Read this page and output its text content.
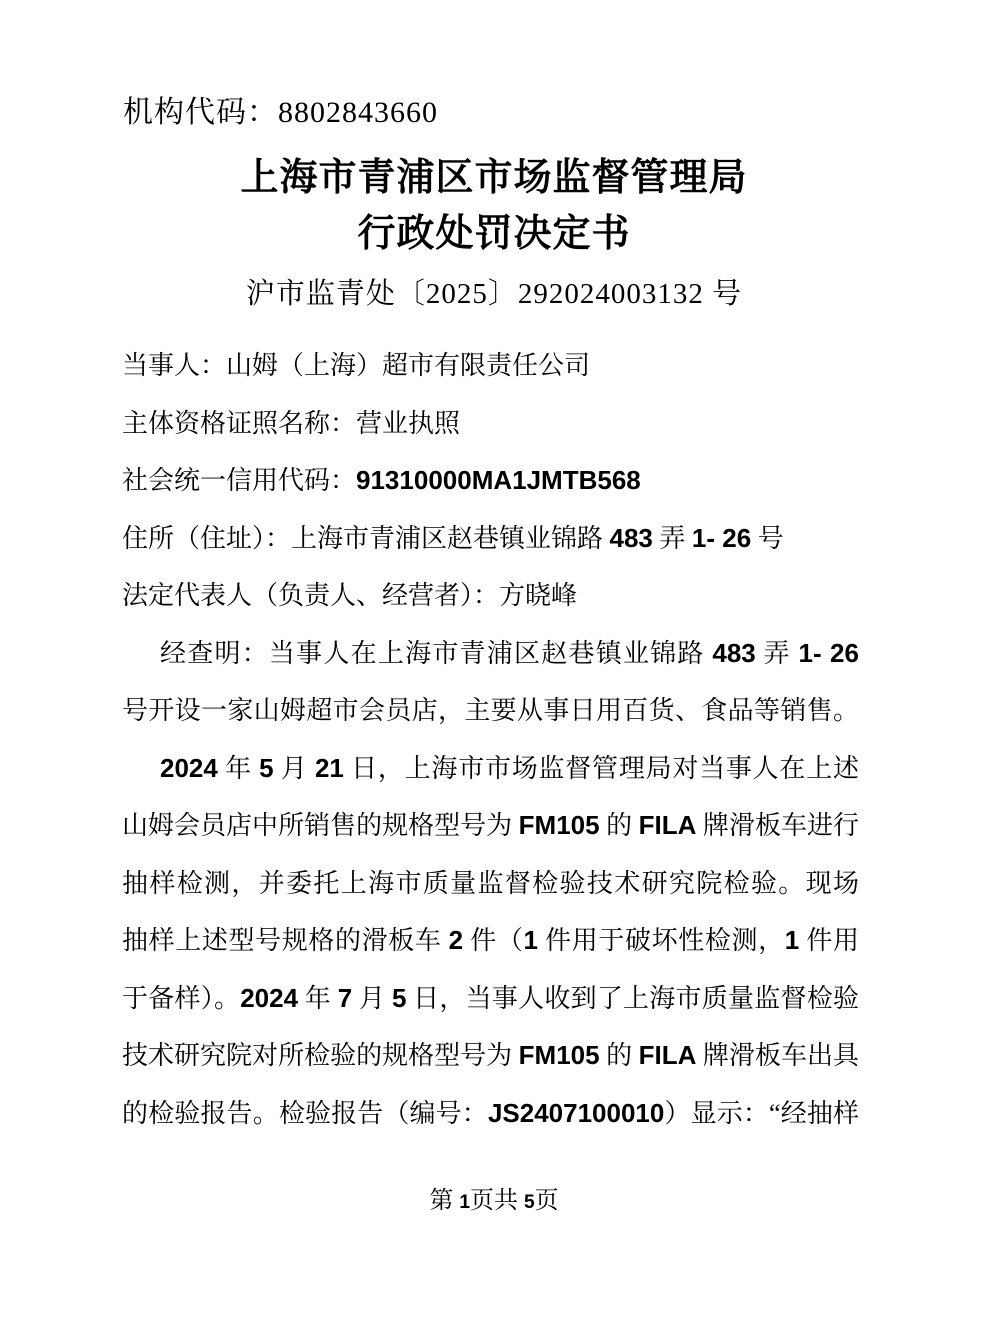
机构代码：8802843660
上海市青浦区市场监督管理局
行政处罚决定书
沪市监青处〔2025〕292024003132 号
当事人：山姆（上海）超市有限责任公司
主体资格证照名称：营业执照
社会统一信用代码：91310000MA1JMTB568
住所（住址）：上海市青浦区赵巷镇业锦路 483 弄 1- 26 号
法定代表人（负责人、经营者）：方晓峰
经查明：当事人在上海市青浦区赵巷镇业锦路 483 弄 1- 26
号开设一家山姆超市会员店，主要从事日用百货、食品等销售。
2024 年 5 月 21 日，上海市市场监督管理局对当事人在上述
山姆会员店中所销售的规格型号为 FM105 的 FILA 牌滑板车进行
抽样检测，并委托上海市质量监督检验技术研究院检验。现场
抽样上述型号规格的滑板车 2 件（1 件用于破坏性检测，1 件用
于备样）。2024 年 7 月 5 日，当事人收到了上海市质量监督检验
技术研究院对所检验的规格型号为 FM105 的 FILA 牌滑板车出具
的检验报告。检验报告（编号：JS2407100010）显示：“经抽样
第 1页共 5页
